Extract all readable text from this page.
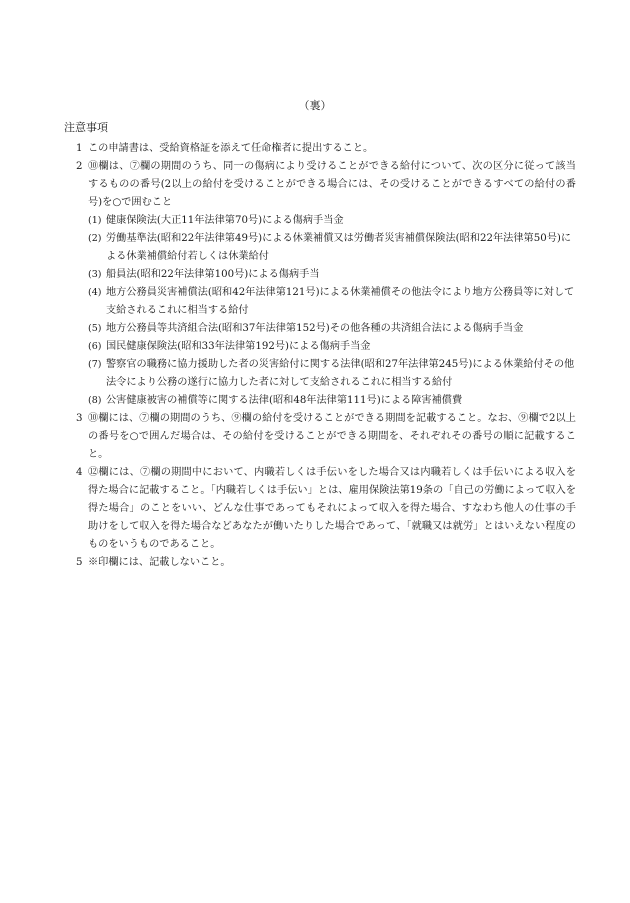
（裏）
注意事項
1 この申請書は、受給資格証を添えて任命権者に提出すること。
2 ⑩欄は、⑦欄の期間のうち、同一の傷病により受けることができる給付について、次の区分に従って該当するものの番号(2以上の給付を受けることができる場合には、その受けることができるすべての給付の番号)を○で囲むこと
(1) 健康保険法(大正11年法律第70号)による傷病手当金
(2) 労働基準法(昭和22年法律第49号)による休業補償又は労働者災害補償保険法(昭和22年法律第50号)による休業補償給付若しくは休業給付
(3) 船員法(昭和22年法律第100号)による傷病手当
(4) 地方公務員災害補償法(昭和42年法律第121号)による休業補償その他法令により地方公務員等に対して支給されるこれに相当する給付
(5) 地方公務員等共済組合法(昭和37年法律第152号)その他各種の共済組合法による傷病手当金
(6) 国民健康保険法(昭和33年法律第192号)による傷病手当金
(7) 警察官の職務に協力援助した者の災害給付に関する法律(昭和27年法律第245号)による休業給付その他法令により公務の遂行に協力した者に対して支給されるこれに相当する給付
(8) 公害健康被害の補償等に関する法律(昭和48年法律第111号)による障害補償費
3 ⑩欄には、⑦欄の期間のうち、⑨欄の給付を受けることができる期間を記載すること。なお、⑨欄で2以上の番号を○で囲んだ場合は、その給付を受けることができる期間を、それぞれその番号の順に記載すること。
4 ⑫欄には、⑦欄の期間中において、内職若しくは手伝いをした場合又は内職若しくは手伝いによる収入を得た場合に記載すること。「内職若しくは手伝い」とは、雇用保険法第19条の「自己の労働によって収入を得た場合」のことをいい、どんな仕事であってもそれによって収入を得た場合、すなわち他人の仕事の手助けをして収入を得た場合などあなたが働いたりした場合であって、「就職又は就労」とはいえない程度のものをいうものであること。
5 ※印欄には、記載しないこと。
